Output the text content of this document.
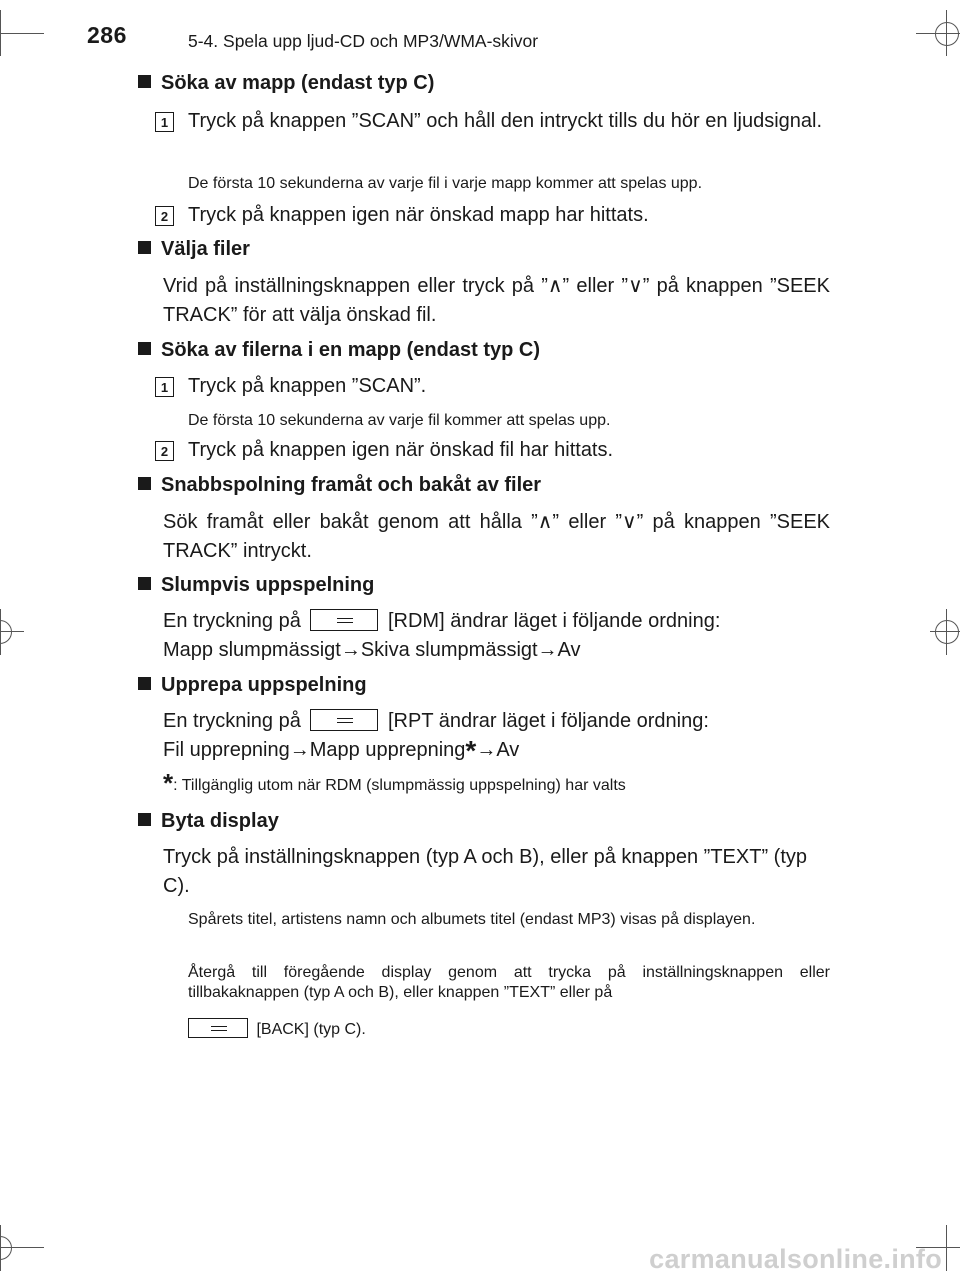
286	5-4. Spela upp ljud-CD och MP3/WMA-skivor
Söka av mapp (endast typ C)
1 Tryck på knappen ”SCAN” och håll den intryckt tills du hör en ljudsignal.
De första 10 sekunderna av varje fil i varje mapp kommer att spelas upp.
2 Tryck på knappen igen när önskad mapp har hittats.
Välja filer
Vrid på inställningsknappen eller tryck på ”∧” eller ”∨” på knappen ”SEEK TRACK” för att välja önskad fil.
Söka av filerna i en mapp (endast typ C)
1 Tryck på knappen ”SCAN”.
De första 10 sekunderna av varje fil kommer att spelas upp.
2 Tryck på knappen igen när önskad fil har hittats.
Snabbspolning framåt och bakåt av filer
Sök framåt eller bakåt genom att hålla ”∧” eller ”∨” på knappen ”SEEK TRACK” intryckt.
Slumpvis uppspelning
En tryckning på	[RDM] ändrar läget i följande ordning:
Mapp slumpmässigt→Skiva slumpmässigt→Av
Upprepa uppspelning
En tryckning på	[RPT ändrar läget i följande ordning:
Fil upprepning→Mapp upprepning*→Av
*: Tillgänglig utom när RDM (slumpmässig uppspelning) har valts
Byta display
Tryck på inställningsknappen (typ A och B), eller på knappen ”TEXT” (typ C).
Spårets titel, artistens namn och albumets titel (endast MP3) visas på displayen.
Återgå till föregående display genom att trycka på inställningsknappen eller tillbakaknappen (typ A och B), eller knappen ”TEXT” eller på
[BACK] (typ C).
carmanualsonline.info
